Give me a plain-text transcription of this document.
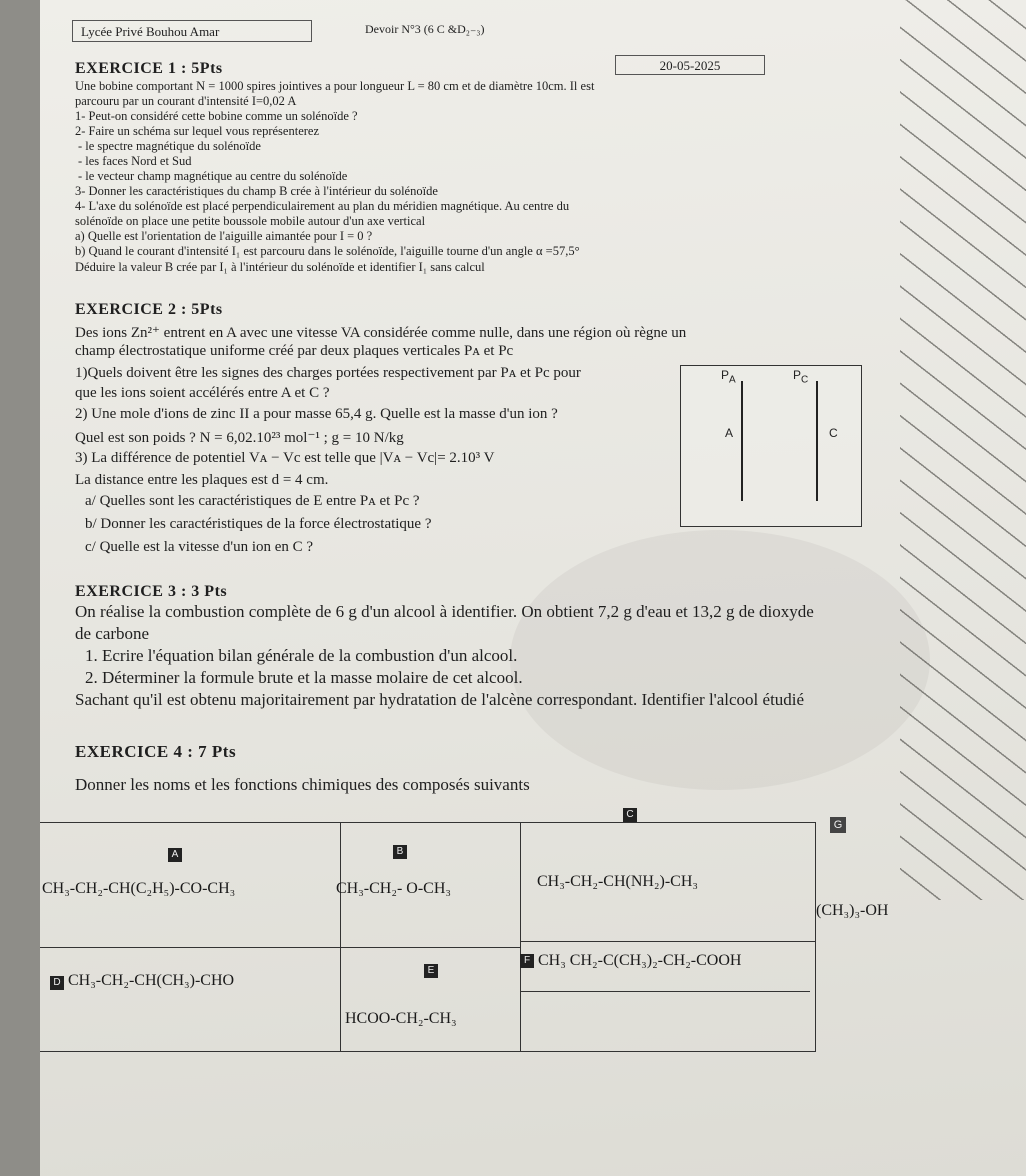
Lycée Privé Bouhou Amar	Devoir N°3 (6 C &D₂₋₃)
20-05-2025
EXERCICE 1 : 5Pts
Une bobine comportant N = 1000 spires jointives a pour longueur L = 80 cm et de diamètre 10cm. Il est
parcouru par un courant d'intensité I=0,02 A
1- Peut-on considéré cette bobine comme un solénoïde ?
2- Faire un schéma sur lequel vous représenterez
- le spectre magnétique du solénoïde
- les faces Nord et Sud
- le vecteur champ magnétique au centre du solénoïde
3- Donner les caractéristiques du champ B crée à l'intérieur du solénoïde
4- L'axe du solénoïde est placé perpendiculairement au plan du méridien magnétique. Au centre du
solénoïde on place une petite boussole mobile autour d'un axe vertical
a) Quelle est l'orientation de l'aiguille aimantée pour I = 0 ?
b) Quand le courant d'intensité I₁ est parcouru dans le solénoïde, l'aiguille tourne d'un angle α =57,5°
Déduire la valeur B crée par I₁ à l'intérieur du solénoïde et identifier I₁ sans calcul
EXERCICE 2 : 5Pts
Des ions Zn²⁺ entrent en A avec une vitesse VA considérée comme nulle, dans une région où règne un
champ électrostatique uniforme créé par deux plaques verticales Pᴀ et Pc
1)Quels doivent être les signes des charges portées respectivement par Pᴀ et Pc pour
que les ions soient accélérés entre A et C ?
2) Une mole d'ions de zinc II a pour masse 65,4 g. Quelle est la masse d'un ion ?
Quel est son poids ? N = 6,02.10²³ mol⁻¹ ; g = 10 N/kg
3) La différence de potentiel Vᴀ − Vc est telle que |Vᴀ − Vc|= 2.10³ V
La distance entre les plaques est d = 4 cm.
a/ Quelles sont les caractéristiques de E entre Pᴀ et Pc ?
b/ Donner les caractéristiques de la force électrostatique ?
c/ Quelle est la vitesse d'un ion en C ?
$P_A$	$P_C$
A	C
EXERCICE 3 : 3 Pts
On réalise la combustion complète de 6 g d'un alcool à identifier. On obtient 7,2 g d'eau et 13,2 g de dioxyde
de carbone
1. Ecrire l'équation bilan générale de la combustion d'un alcool.
2. Déterminer la formule brute et la masse molaire de cet alcool.
Sachant qu'il est obtenu majoritairement par hydratation de l'alcène correspondant. Identifier l'alcool étudié
EXERCICE 4 : 7 Pts
Donner les noms et les fonctions chimiques des composés suivants
A
CH₃-CH₂-CH(C₂H₅)-CO-CH₃
B
CH₃-CH₂- O-CH₃
C
CH₃-CH₂-CH(NH₂)-CH₃
D CH₃-CH₂-CH(CH₃)-CHO
E
HCOO-CH₂-CH₃
F CH₃ CH₂-C(CH₃)₂-CH₂-COOH
G
(CH₃)₃-OH
